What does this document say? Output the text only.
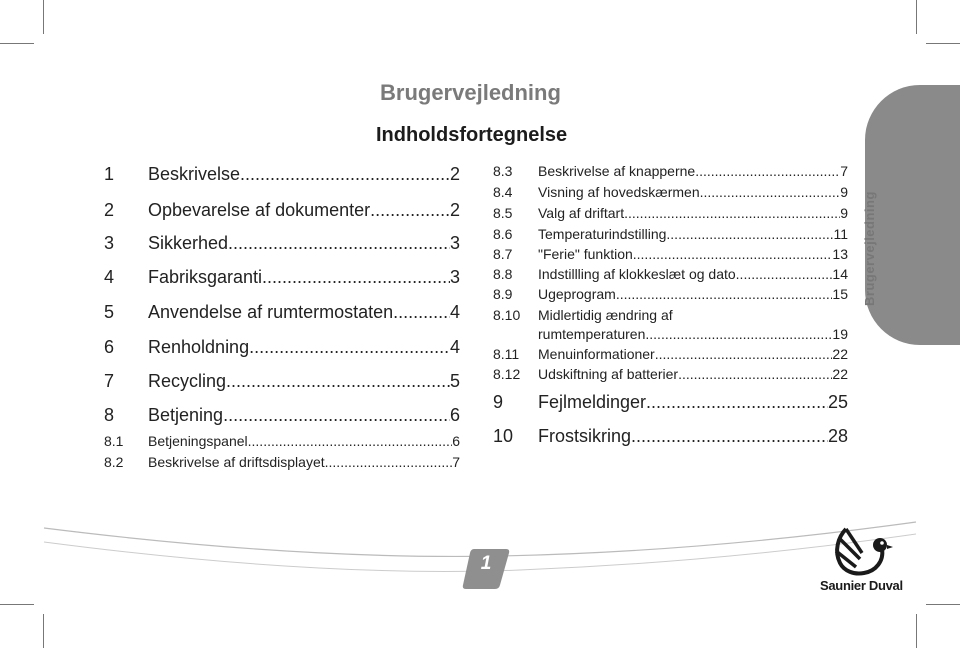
Brugervejledning
Brugervejledning
Indholdsfortegnelse
1	Beskrivelse .....	2
2	Opbevarelse af dokumenter .....	2
3	Sikkerhed .....	3
4	Fabriksgaranti .....	3
5	Anvendelse af rumtermostaten .....	4
6	Renholdning .....	4
7	Recycling .....	5
8	Betjening .....	6
8.1	Betjeningspanel .....	6
8.2	Beskrivelse af driftsdisplayet .....	7
8.3	Beskrivelse af knapperne .....	7
8.4	Visning af hovedskærmen .....	9
8.5	Valg af driftart .....	9
8.6	Temperaturindstilling .....	11
8.7	"Ferie" funktion .....	13
8.8	Indstillling af klokkeslæt og dato .....	14
8.9	Ugeprogram .....	15
8.10 Midlertidig ændring af
rumtemperaturen .....	19
8.11	Menuinformationer .....	22
8.12	Udskiftning af batterier .....	22
9	Fejlmeldinger .....	25
10	Frostsikring .....	28
1
Saunier Duval
